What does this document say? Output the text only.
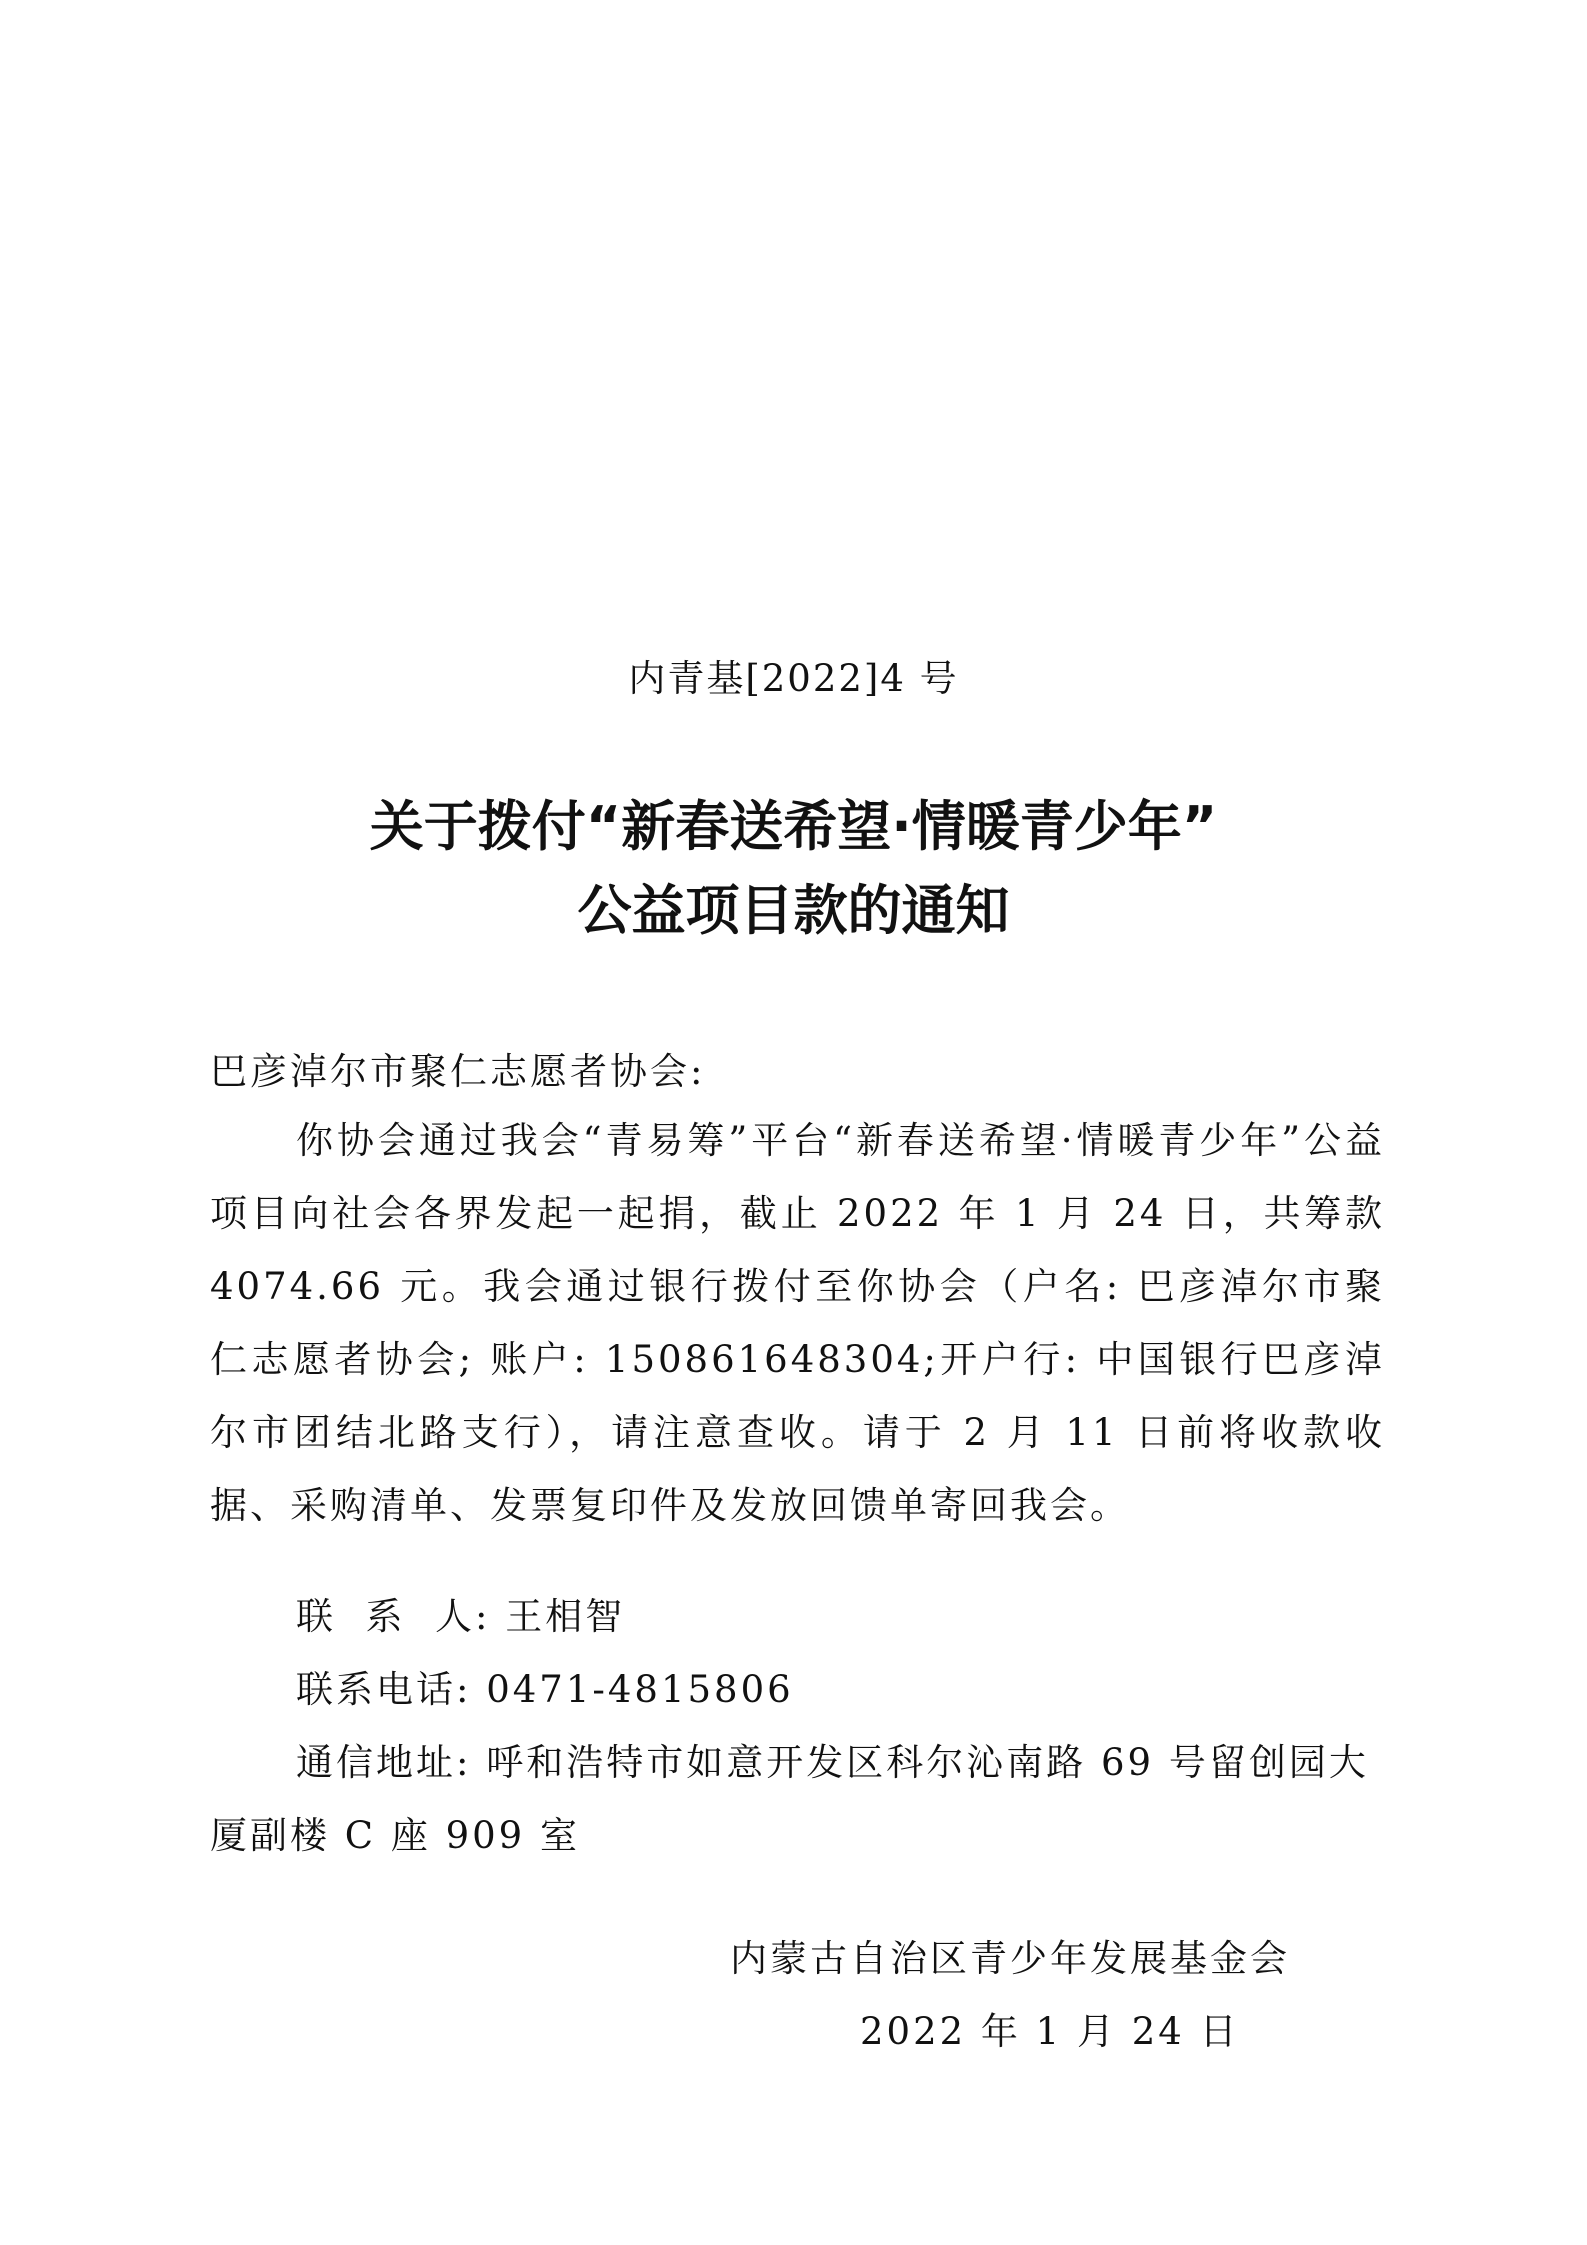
内青基[2022]4 号
关于拨付“新春送希望·情暖青少年”
公益项目款的通知
巴彦淖尔市聚仁志愿者协会:
你协会通过我会“青易筹”平台“新春送希望·情暖青少年”公益项目向社会各界发起一起捐，截止 2022 年 1 月 24 日，共筹款 4074.66 元。我会通过银行拨付至你协会（户名: 巴彦淖尔市聚仁志愿者协会; 账户: 150861648304;开户行: 中国银行巴彦淖尔市团结北路支行），请注意查收。请于 2 月 11 日前将收款收据、采购清单、发票复印件及发放回馈单寄回我会。
联  系  人: 王相智
联系电话: 0471-4815806
通信地址: 呼和浩特市如意开发区科尔沁南路 69 号留创园大厦副楼 C 座 909 室
内蒙古自治区青少年发展基金会
2022 年 1 月 24 日
